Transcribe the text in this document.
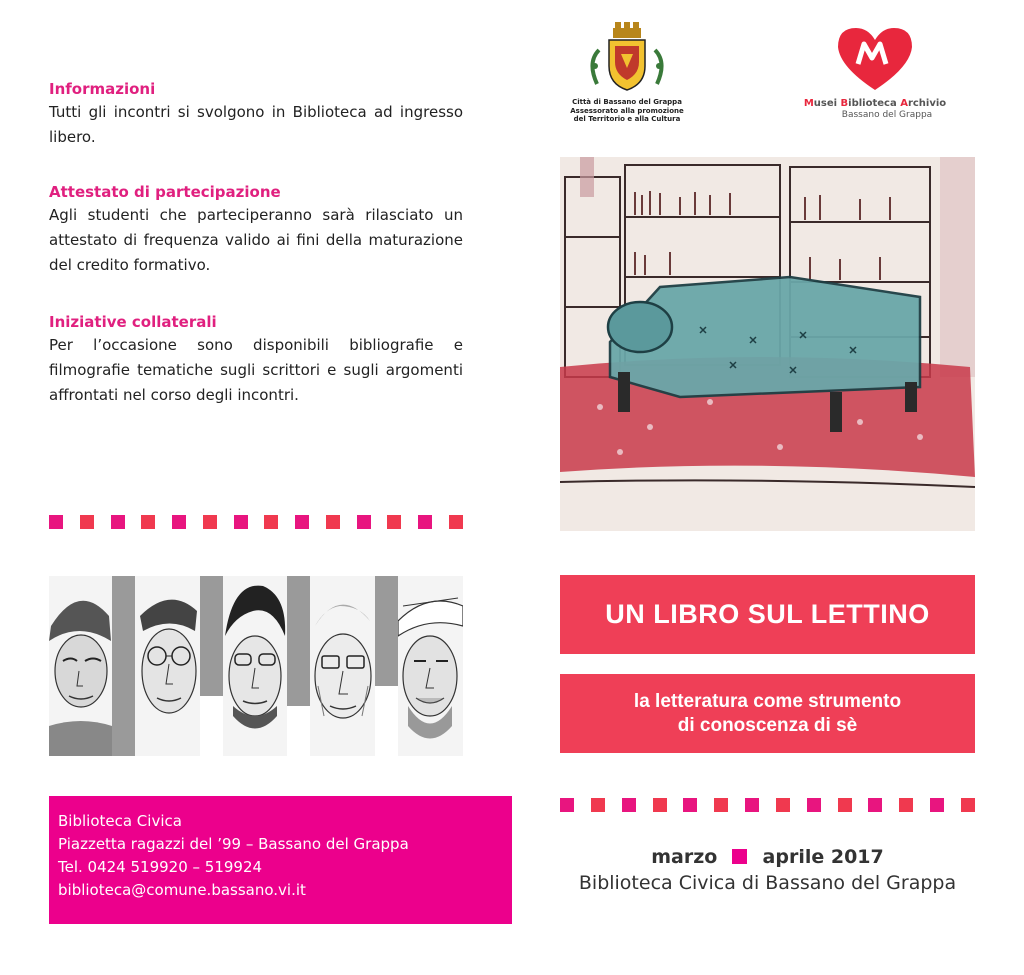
Informazioni

Tutti gli incontri si svolgono in Biblioteca ad ingresso libero.

Attestato di partecipazione

Agli studenti che parteciperanno sarà rilasciato un attestato di frequenza valido ai fini della maturazione del credito formativo.

Iniziative collaterali

Per l’occasione sono disponibili bibliografie e filmografie tematiche sugli scrittori e sugli argomenti affrontati nel corso degli incontri.

Biblioteca Civica
Piazzetta ragazzi del ’99 – Bassano del Grappa
Tel. 0424 519920 – 519924
biblioteca@comune.bassano.vi.it
Città di Bassano del Grappa
Assessorato alla promozione
del Territorio e alla Cultura
Musei Biblioteca Archivio
Bassano del Grappa
UN LIBRO SUL LETTINO
la letteratura come strumento
di conoscenza di sè
marzo aprile 2017
Biblioteca Civica di Bassano del Grappa
